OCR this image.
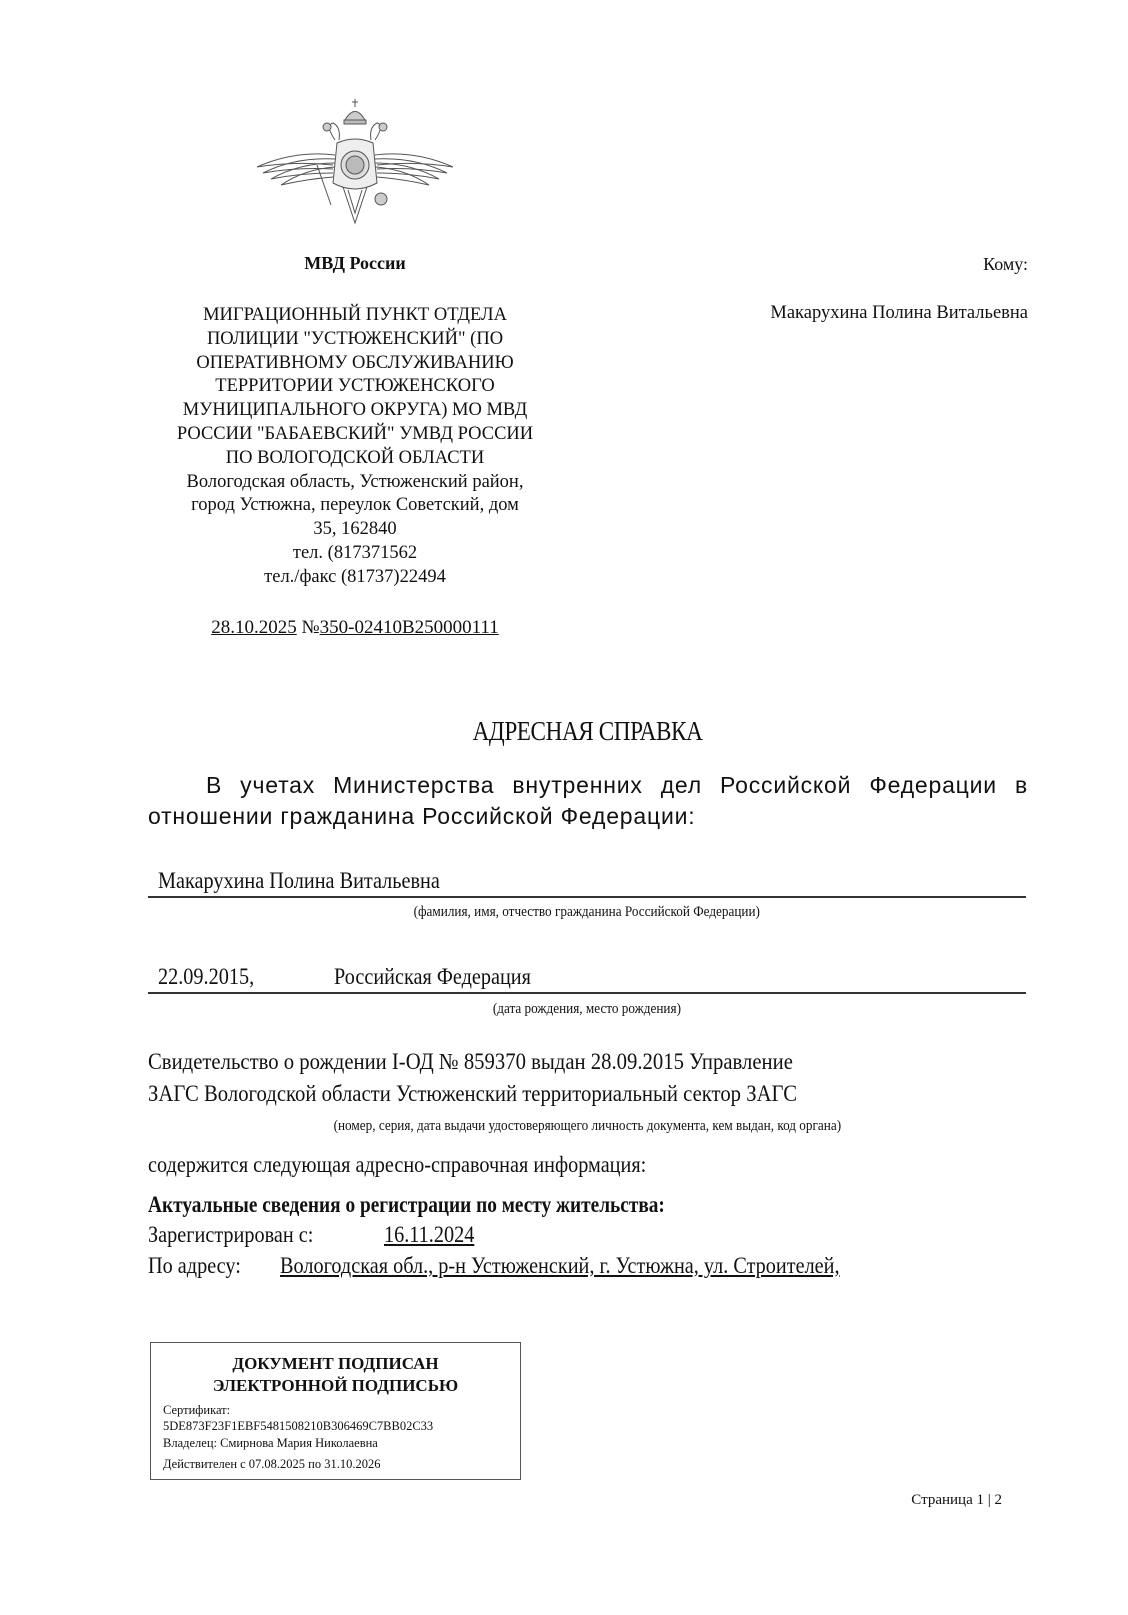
МВД России
МИГРАЦИОННЫЙ ПУНКТ ОТДЕЛА
ПОЛИЦИИ "УСТЮЖЕНСКИЙ" (ПО
ОПЕРАТИВНОМУ ОБСЛУЖИВАНИЮ
ТЕРРИТОРИИ УСТЮЖЕНСКОГО
МУНИЦИПАЛЬНОГО ОКРУГА) МО МВД
РОССИИ "БАБАЕВСКИЙ" УМВД РОССИИ
ПО ВОЛОГОДСКОЙ ОБЛАСТИ
Вологодская область, Устюженский район,
город Устюжна, переулок Советский, дом
35, 162840
тел. (817371562
тел./факс (81737)22494
28.10.2025 №350-02410В250000111
Кому:
Макарухина Полина Витальевна
АДРЕСНАЯ СПРАВКА
В учетах Министерства внутренних дел Российской Федерации в отношении гражданина Российской Федерации:
Макарухина Полина Витальевна
(фамилия, имя, отчество гражданина Российской Федерации)
22.09.2015,	Российская Федерация
(дата рождения, место рождения)
Свидетельство о рождении I-ОД № 859370 выдан 28.09.2015 Управление
ЗАГС Вологодской области Устюженский территориальный сектор ЗАГС
(номер, серия, дата выдачи удостоверяющего личность документа, кем выдан, код органа)
содержится следующая адресно-справочная информация:
Актуальные сведения о регистрации по месту жительства:
Зарегистрирован с:	16.11.2024
По адресу: Вологодская обл., р-н Устюженский, г. Устюжна, ул. Строителей,
ДОКУМЕНТ ПОДПИСАН
ЭЛЕКТРОННОЙ ПОДПИСЬЮ
Сертификат:
5DE873F23F1EBF5481508210B306469C7BB02C33
Владелец: Смирнова Мария Николаевна
Действителен с 07.08.2025 по 31.10.2026
Страница 1 | 2
